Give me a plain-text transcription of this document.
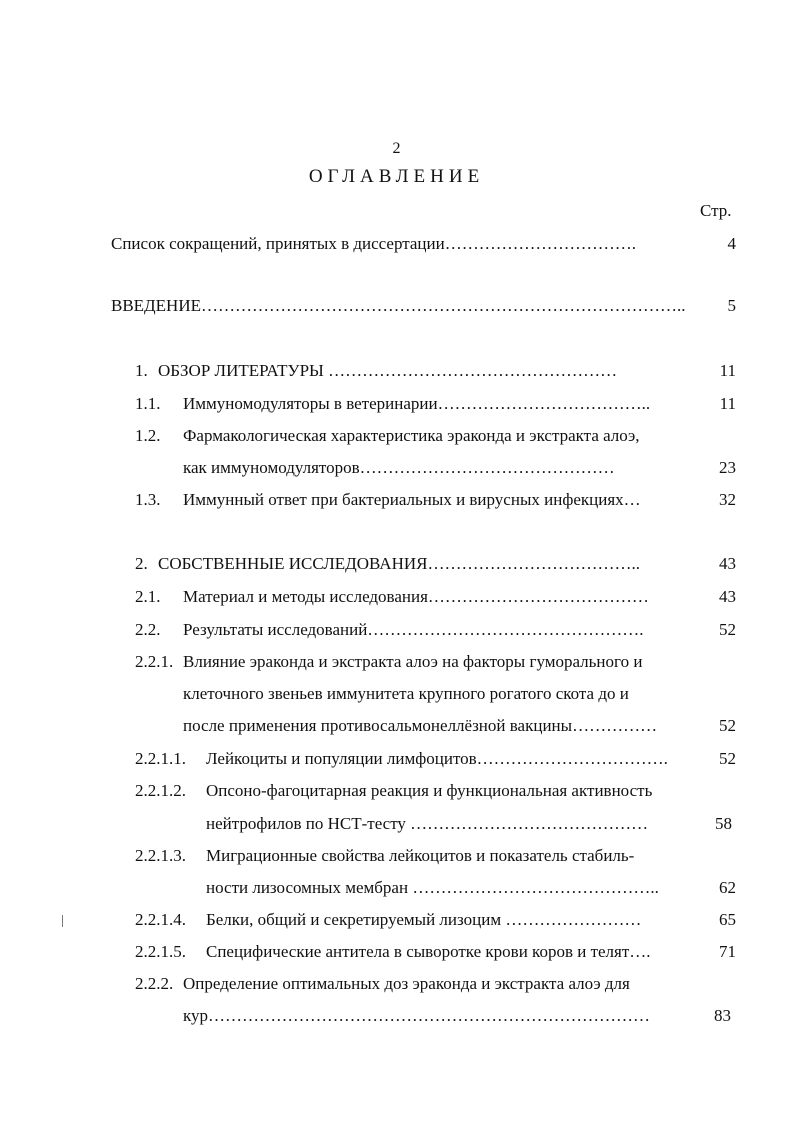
2
ОГЛАВЛЕНИЕ
Стр.
Список сокращений, принятых в диссертации…………………………….	4
ВВЕДЕНИЕ…………………………………………………………………………..	5
1. ОБЗОР ЛИТЕРАТУРЫ ……………………………………………	11
1.1. Иммуномодуляторы в ветеринарии………………………………..	11
1.2. Фармакологическая характеристика эраконда и экстракта алоэ,
как иммуномодуляторов………………………………………	23
1.3. Иммунный ответ при бактериальных и вирусных инфекциях…	32
2. СОБСТВЕННЫЕ ИССЛЕДОВАНИЯ………………………………..	43
2.1. Материал и методы исследования…………………………………	43
2.2. Результаты исследований………………………………………….	52
2.2.1. Влияние эраконда и экстракта алоэ на факторы гуморального и
клеточного звеньев иммунитета крупного рогатого скота до и
после применения противосальмонеллёзной вакцины……………	52
2.2.1.1. Лейкоциты и популяции лимфоцитов…………………………….	52
2.2.1.2. Опсоно-фагоцитарная реакция и функциональная активность
нейтрофилов по НСТ-тесту ……………………………………	58
2.2.1.3. Миграционные свойства лейкоцитов и показатель стабиль-
ности лизосомных мембран ……………………………………..	62
2.2.1.4. Белки, общий и секретируемый лизоцим ……………………	65
2.2.1.5. Специфические антитела в сыворотке крови коров и телят….	71
2.2.2. Определение оптимальных доз эраконда и экстракта алоэ для
кур……………………………………………………………………	83
